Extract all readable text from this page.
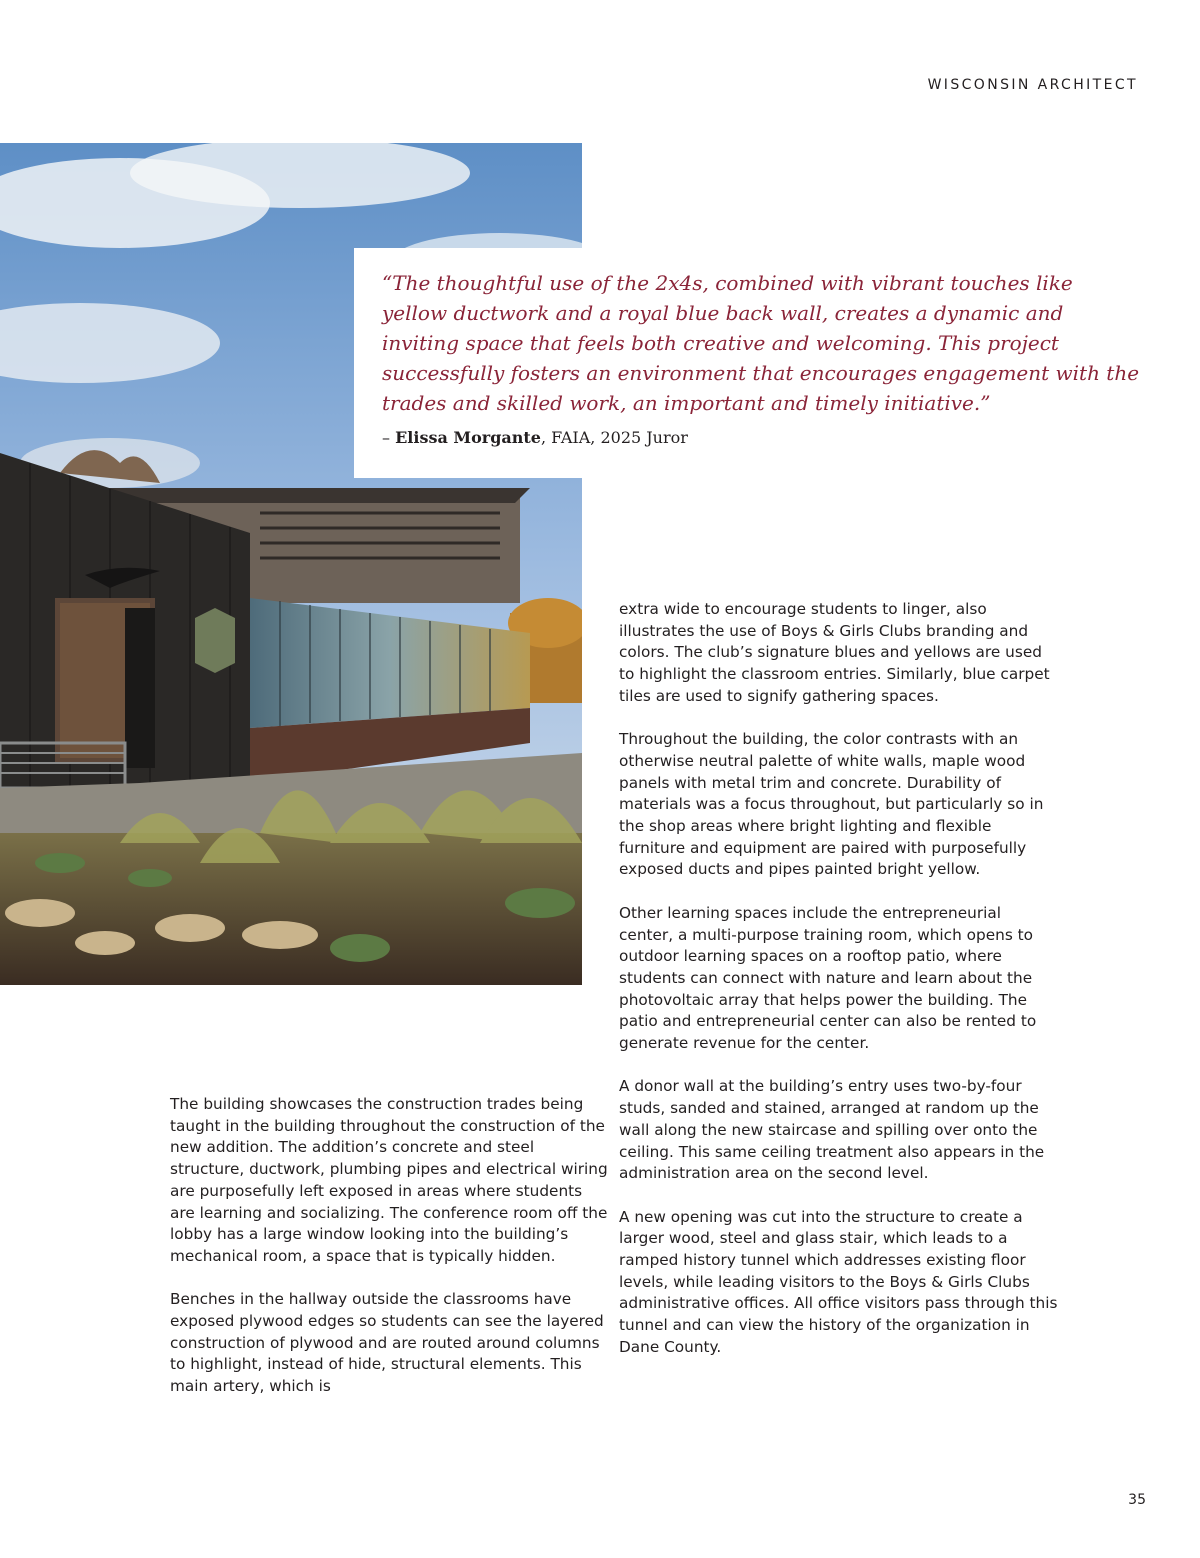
WISCONSIN ARCHITECT

“The thoughtful use of the 2x4s, combined with vibrant touches like yellow ductwork and a royal blue back wall, creates a dynamic and inviting space that feels both creative and welcoming. This project successfully fosters an environment that encourages engagement with the trades and skilled work, an important and timely initiative.”

– Elissa Morgante, FAIA, 2025 Juror

The building showcases the construction trades being taught in the building throughout the construction of the new addition. The addition’s concrete and steel structure, ductwork, plumbing pipes and electrical wiring are purposefully left exposed in areas where students are learning and socializing. The conference room off the lobby has a large window looking into the building’s mechanical room, a space that is typically hidden.

Benches in the hallway outside the classrooms have exposed plywood edges so students can see the layered construction of plywood and are routed around columns to highlight, instead of hide, structural elements. This main artery, which is

extra wide to encourage students to linger, also illustrates the use of Boys & Girls Clubs branding and colors. The club’s signature blues and yellows are used to highlight the classroom entries. Similarly, blue carpet tiles are used to signify gathering spaces.

Throughout the building, the color contrasts with an otherwise neutral palette of white walls, maple wood panels with metal trim and concrete. Durability of materials was a focus throughout, but particularly so in the shop areas where bright lighting and flexible furniture and equipment are paired with purposefully exposed ducts and pipes painted bright yellow.

Other learning spaces include the entrepreneurial center, a multi-purpose training room, which opens to outdoor learning spaces on a rooftop patio, where students can connect with nature and learn about the photovoltaic array that helps power the building. The patio and entrepreneurial center can also be rented to generate revenue for the center.

A donor wall at the building’s entry uses two-by-four studs, sanded and stained, arranged at random up the wall along the new staircase and spilling over onto the ceiling. This same ceiling treatment also appears in the administration area on the second level.

A new opening was cut into the structure to create a larger wood, steel and glass stair, which leads to a ramped history tunnel which addresses existing floor levels, while leading visitors to the Boys & Girls Clubs administrative offices. All office visitors pass through this tunnel and can view the history of the organization in Dane County.

35
